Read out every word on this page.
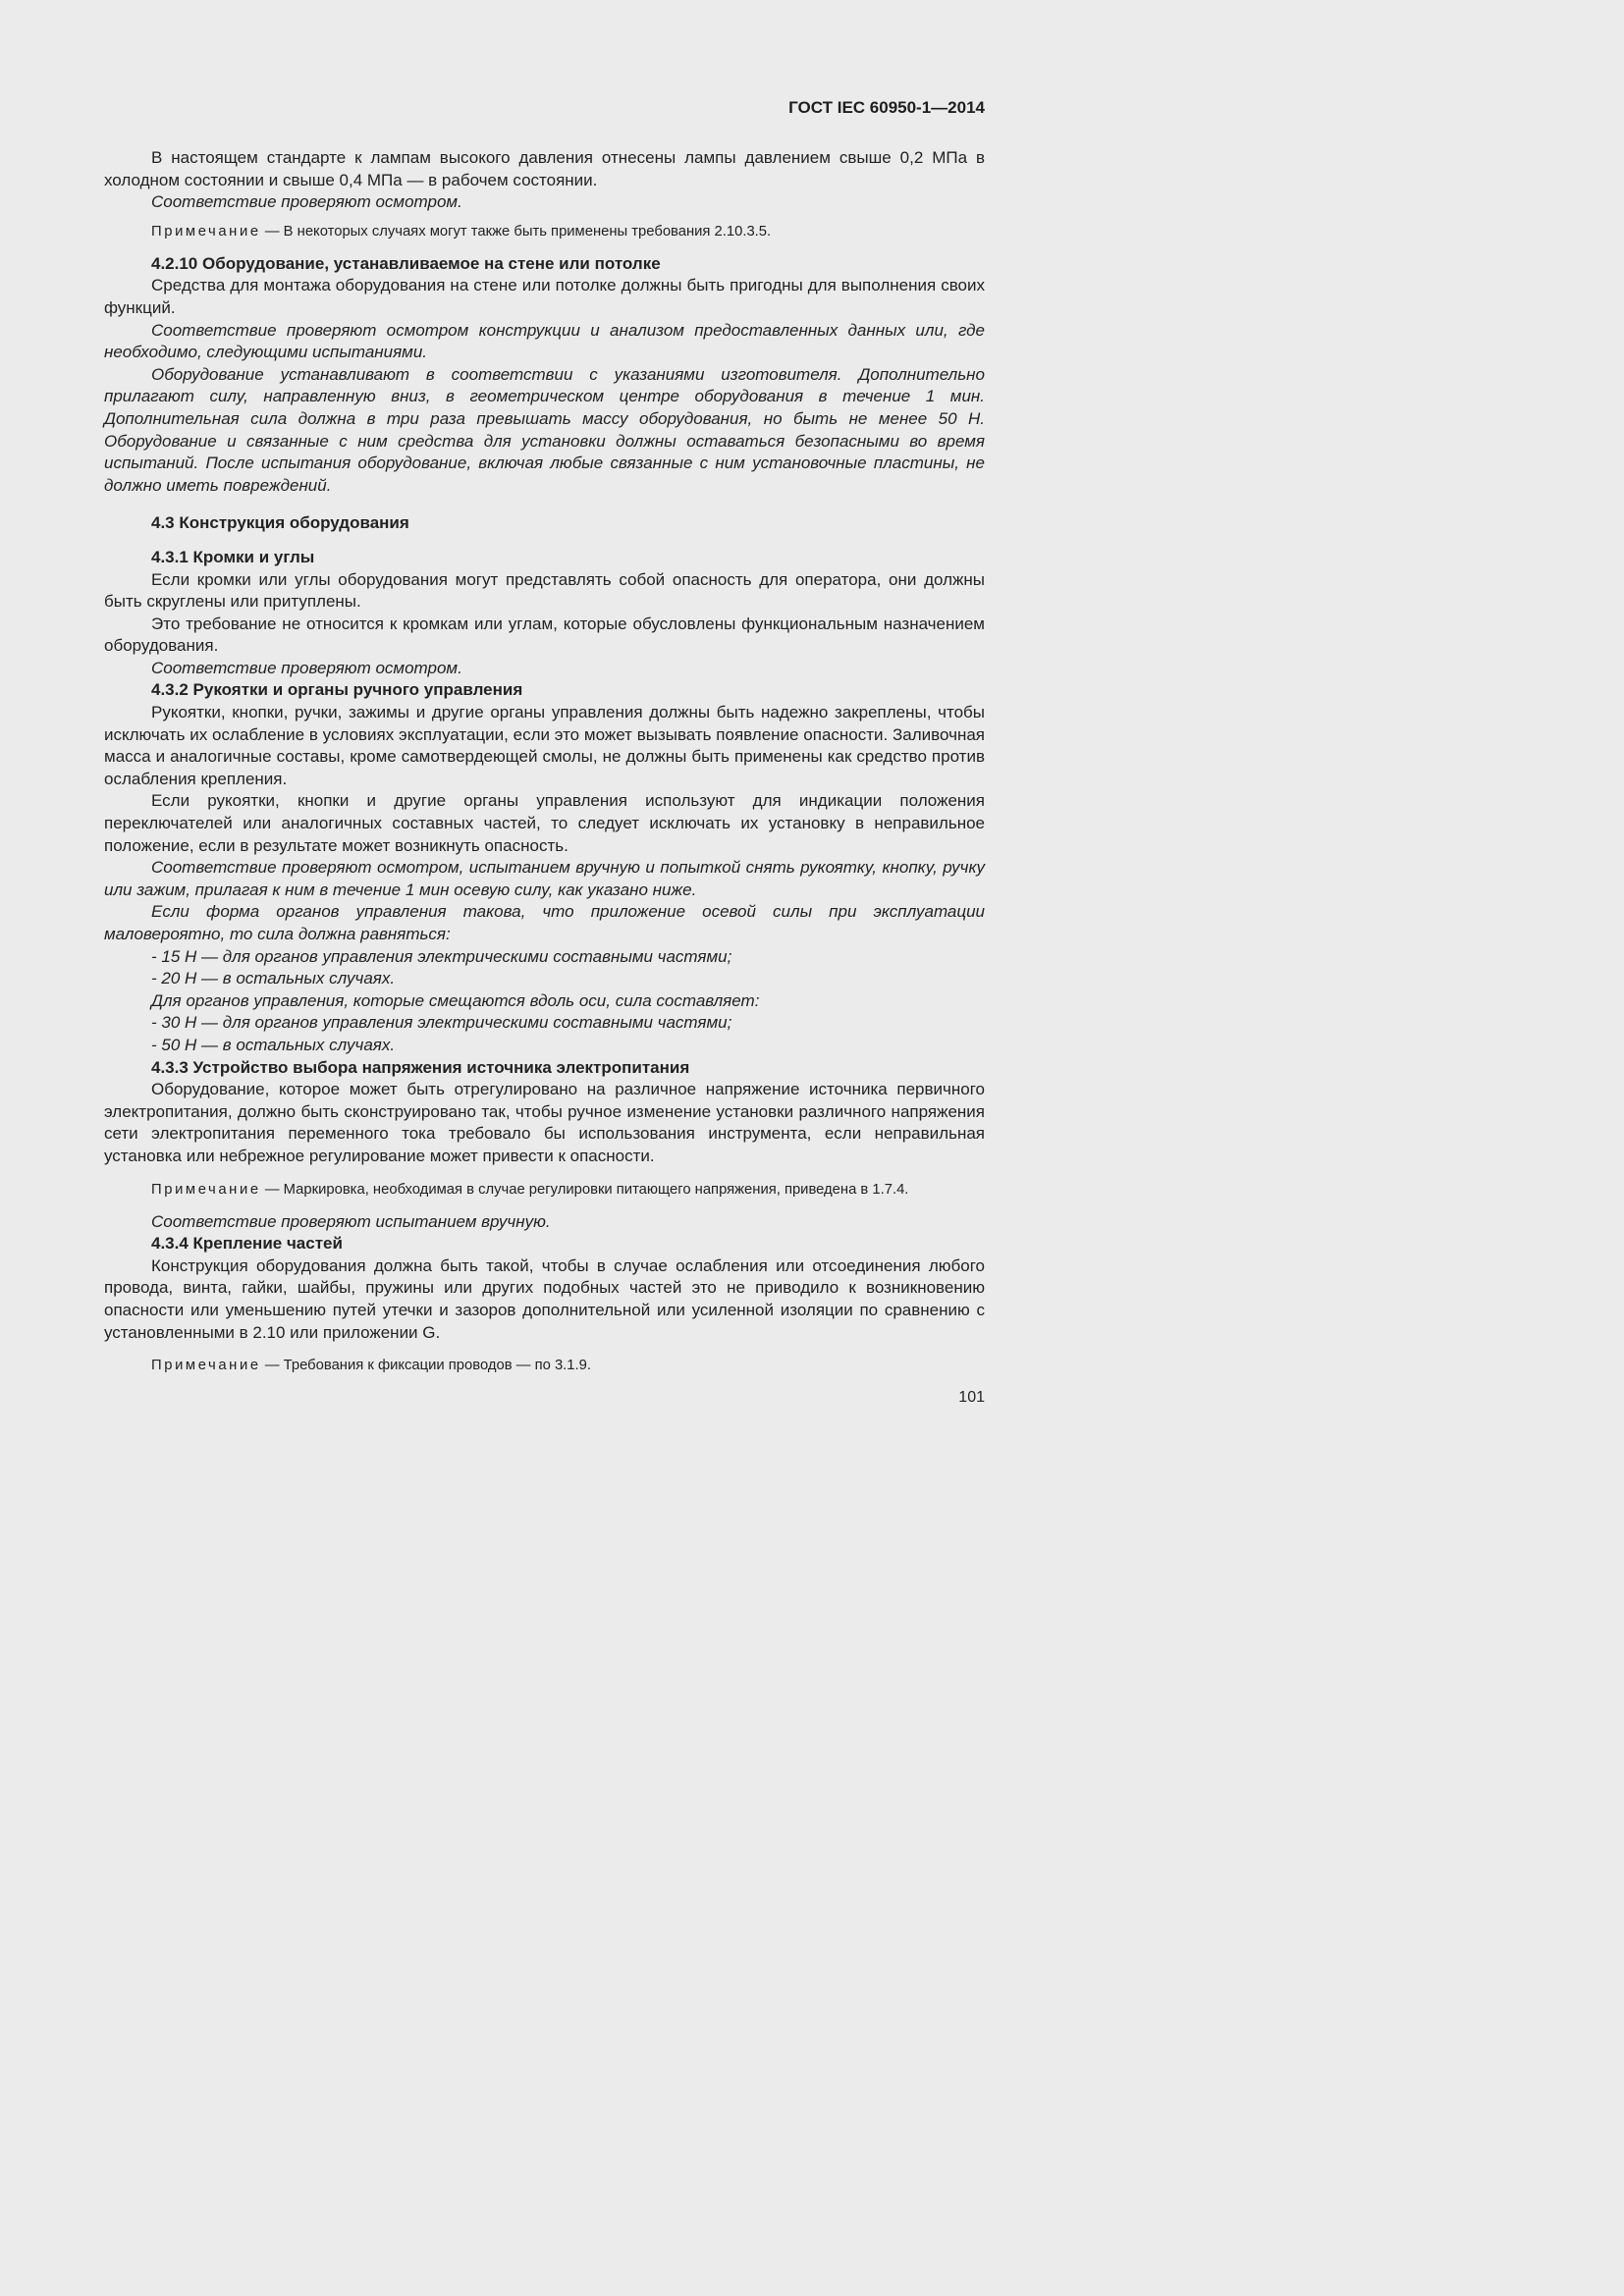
ГОСТ IEC 60950-1—2014

В настоящем стандарте к лампам высокого давления отнесены лампы давлением свыше 0,2 МПа в холодном состоянии и свыше 0,4 МПа — в рабочем состоянии.

Соответствие проверяют осмотром.

Примечание — В некоторых случаях могут также быть применены требования 2.10.3.5.
4.2.10 Оборудование, устанавливаемое на стене или потолке

Средства для монтажа оборудования на стене или потолке должны быть пригодны для выполнения своих функций.

Соответствие проверяют осмотром конструкции и анализом предоставленных данных или, где необходимо, следующими испытаниями.

Оборудование устанавливают в соответствии с указаниями изготовителя. Дополнительно прилагают силу, направленную вниз, в геометрическом центре оборудования в течение 1 мин. Дополнительная сила должна в три раза превышать массу оборудования, но быть не менее 50 Н. Оборудование и связанные с ним средства для установки должны оставаться безопасными во время испытаний. После испытания оборудование, включая любые связанные с ним установочные пластины, не должно иметь повреждений.

4.3 Конструкция оборудования
4.3.1 Кромки и углы

Если кромки или углы оборудования могут представлять собой опасность для оператора, они должны быть скруглены или притуплены.

Это требование не относится к кромкам или углам, которые обусловлены функциональным назначением оборудования.

Соответствие проверяют осмотром.

4.3.2 Рукоятки и органы ручного управления

Рукоятки, кнопки, ручки, зажимы и другие органы управления должны быть надежно закреплены, чтобы исключать их ослабление в условиях эксплуатации, если это может вызывать появление опасности. Заливочная масса и аналогичные составы, кроме самотвердеющей смолы, не должны быть применены как средство против ослабления крепления.

Если рукоятки, кнопки и другие органы управления используют для индикации положения переключателей или аналогичных составных частей, то следует исключать их установку в неправильное положение, если в результате может возникнуть опасность.

Соответствие проверяют осмотром, испытанием вручную и попыткой снять рукоятку, кнопку, ручку или зажим, прилагая к ним в течение 1 мин осевую силу, как указано ниже.

Если форма органов управления такова, что приложение осевой силы при эксплуатации маловероятно, то сила должна равняться:

- 15 Н — для органов управления электрическими составными частями;
- 20 Н — в остальных случаях.
Для органов управления, которые смещаются вдоль оси, сила составляет:
- 30 Н — для органов управления электрическими составными частями;
- 50 Н — в остальных случаях.
4.3.3 Устройство выбора напряжения источника электропитания

Оборудование, которое может быть отрегулировано на различное напряжение источника первичного электропитания, должно быть сконструировано так, чтобы ручное изменение установки различного напряжения сети электропитания переменного тока требовало бы использования инструмента, если неправильная установка или небрежное регулирование может привести к опасности.

Примечание — Маркировка, необходимая в случае регулировки питающего напряжения, приведена в 1.7.4.

Соответствие проверяют испытанием вручную.

4.3.4 Крепление частей

Конструкция оборудования должна быть такой, чтобы в случае ослабления или отсоединения любого провода, винта, гайки, шайбы, пружины или других подобных частей это не приводило к возникновению опасности или уменьшению путей утечки и зазоров дополнительной или усиленной изоляции по сравнению с установленными в 2.10 или приложении G.

Примечание — Требования к фиксации проводов — по 3.1.9.
101
